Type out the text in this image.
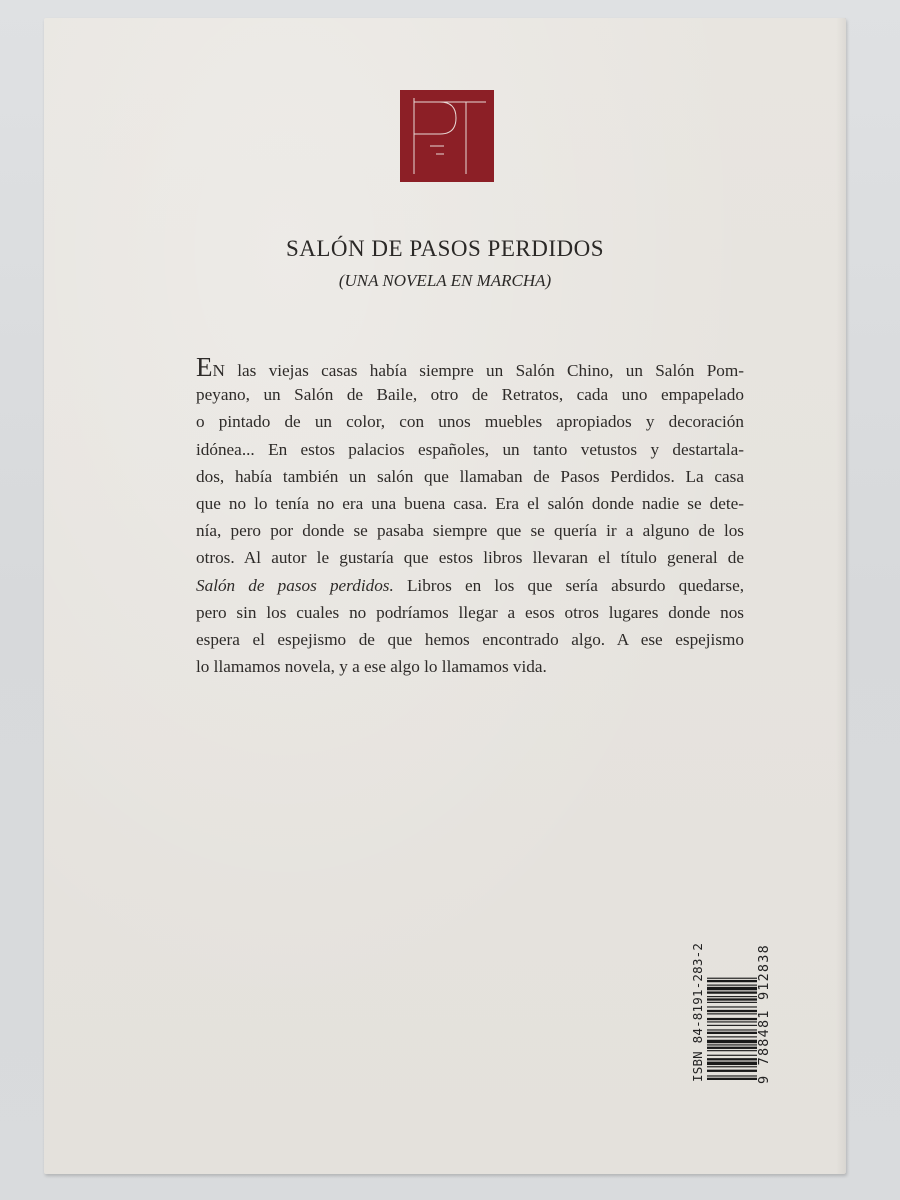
SALÓN DE PASOS PERDIDOS
(UNA NOVELA EN MARCHA)
EN las viejas casas había siempre un Salón Chino, un Salón Pom-
peyano, un Salón de Baile, otro de Retratos, cada uno empapelado
o pintado de un color, con unos muebles apropiados y decoración
idónea... En estos palacios españoles, un tanto vetustos y destartala-
dos, había también un salón que llamaban de Pasos Perdidos. La casa
que no lo tenía no era una buena casa. Era el salón donde nadie se dete-
nía, pero por donde se pasaba siempre que se quería ir a alguno de los
otros. Al autor le gustaría que estos libros llevaran el título general de
Salón de pasos perdidos. Libros en los que sería absurdo quedarse,
pero sin los cuales no podríamos llegar a esos otros lugares donde nos
espera el espejismo de que hemos encontrado algo. A ese espejismo
lo llamamos novela, y a ese algo lo llamamos vida.
ISBN 84-8191-283-2	9 788481 912838
